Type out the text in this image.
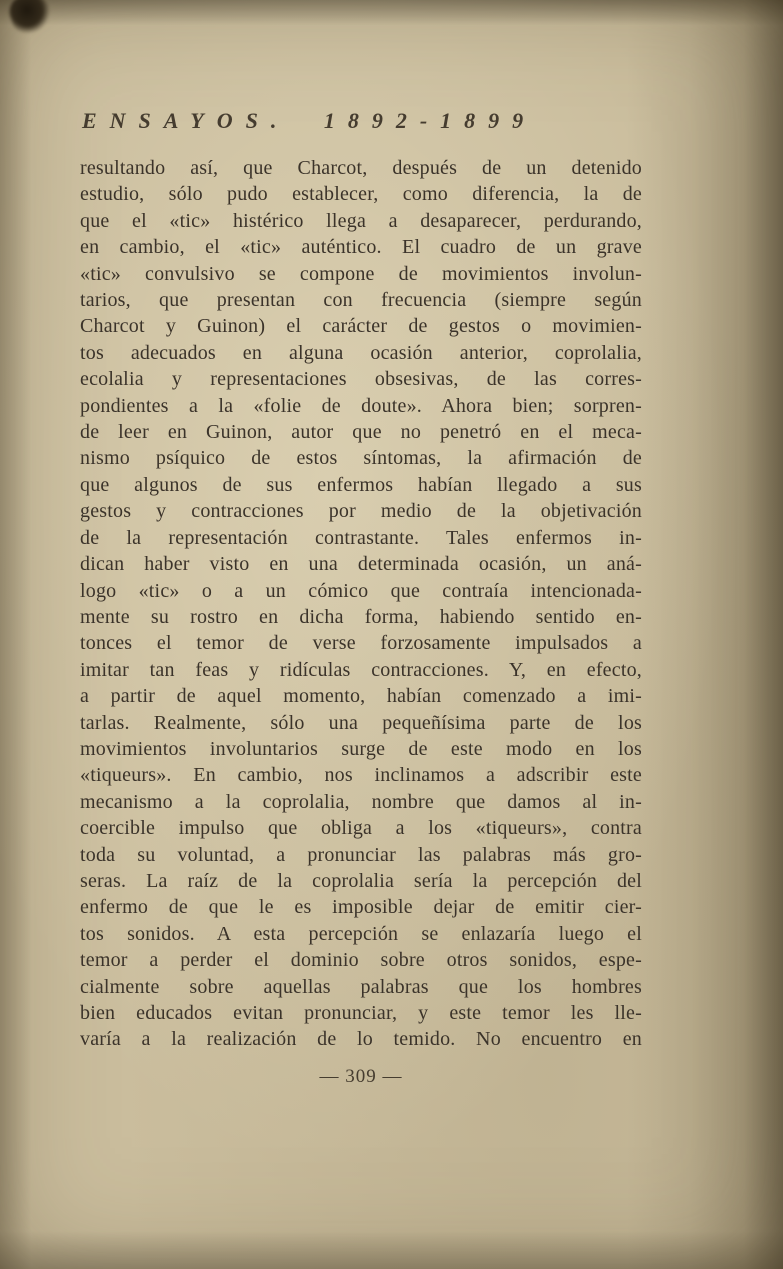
ENSAYOS. 1892-1899
resultando así, que Charcot, después de un detenido
estudio, sólo pudo establecer, como diferencia, la de
que el «tic» histérico llega a desaparecer, perdurando,
en cambio, el «tic» auténtico. El cuadro de un grave
«tic» convulsivo se compone de movimientos involun-
tarios, que presentan con frecuencia (siempre según
Charcot y Guinon) el carácter de gestos o movimien-
tos adecuados en alguna ocasión anterior, coprolalia,
ecolalia y representaciones obsesivas, de las corres-
pondientes a la «folie de doute». Ahora bien; sorpren-
de leer en Guinon, autor que no penetró en el meca-
nismo psíquico de estos síntomas, la afirmación de
que algunos de sus enfermos habían llegado a sus
gestos y contracciones por medio de la objetivación
de la representación contrastante. Tales enfermos in-
dican haber visto en una determinada ocasión, un aná-
logo «tic» o a un cómico que contraía intencionada-
mente su rostro en dicha forma, habiendo sentido en-
tonces el temor de verse forzosamente impulsados a
imitar tan feas y ridículas contracciones. Y, en efecto,
a partir de aquel momento, habían comenzado a imi-
tarlas. Realmente, sólo una pequeñísima parte de los
movimientos involuntarios surge de este modo en los
«tiqueurs». En cambio, nos inclinamos a adscribir este
mecanismo a la coprolalia, nombre que damos al in-
coercible impulso que obliga a los «tiqueurs», contra
toda su voluntad, a pronunciar las palabras más gro-
seras. La raíz de la coprolalia sería la percepción del
enfermo de que le es imposible dejar de emitir cier-
tos sonidos. A esta percepción se enlazaría luego el
temor a perder el dominio sobre otros sonidos, espe-
cialmente sobre aquellas palabras que los hombres
bien educados evitan pronunciar, y este temor les lle-
varía a la realización de lo temido. No encuentro en
— 309 —
